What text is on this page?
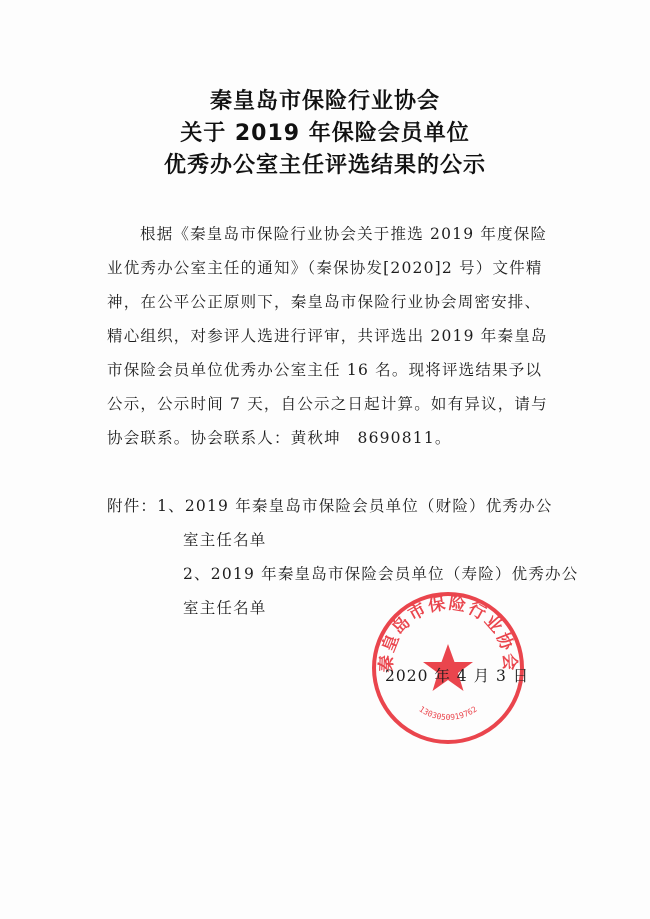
秦皇岛市保险行业协会
关于 2019 年保险会员单位
优秀办公室主任评选结果的公示
根据《秦皇岛市保险行业协会关于推选 2019 年度保险
业优秀办公室主任的通知》（秦保协发[2020]2 号）文件精
神，在公平公正原则下，秦皇岛市保险行业协会周密安排、
精心组织，对参评人选进行评审，共评选出 2019 年秦皇岛
市保险会员单位优秀办公室主任 16 名。现将评选结果予以
公示，公示时间 7 天，自公示之日起计算。如有异议，请与
协会联系。协会联系人：黄秋坤　8690811。
附件：1、2019 年秦皇岛市保险会员单位（财险）优秀办公
室主任名单
2、2019 年秦皇岛市保险会员单位（寿险）优秀办公
室主任名单
秦皇岛市保险行业协会
1303050919762
2020 年 4 月 3 日
